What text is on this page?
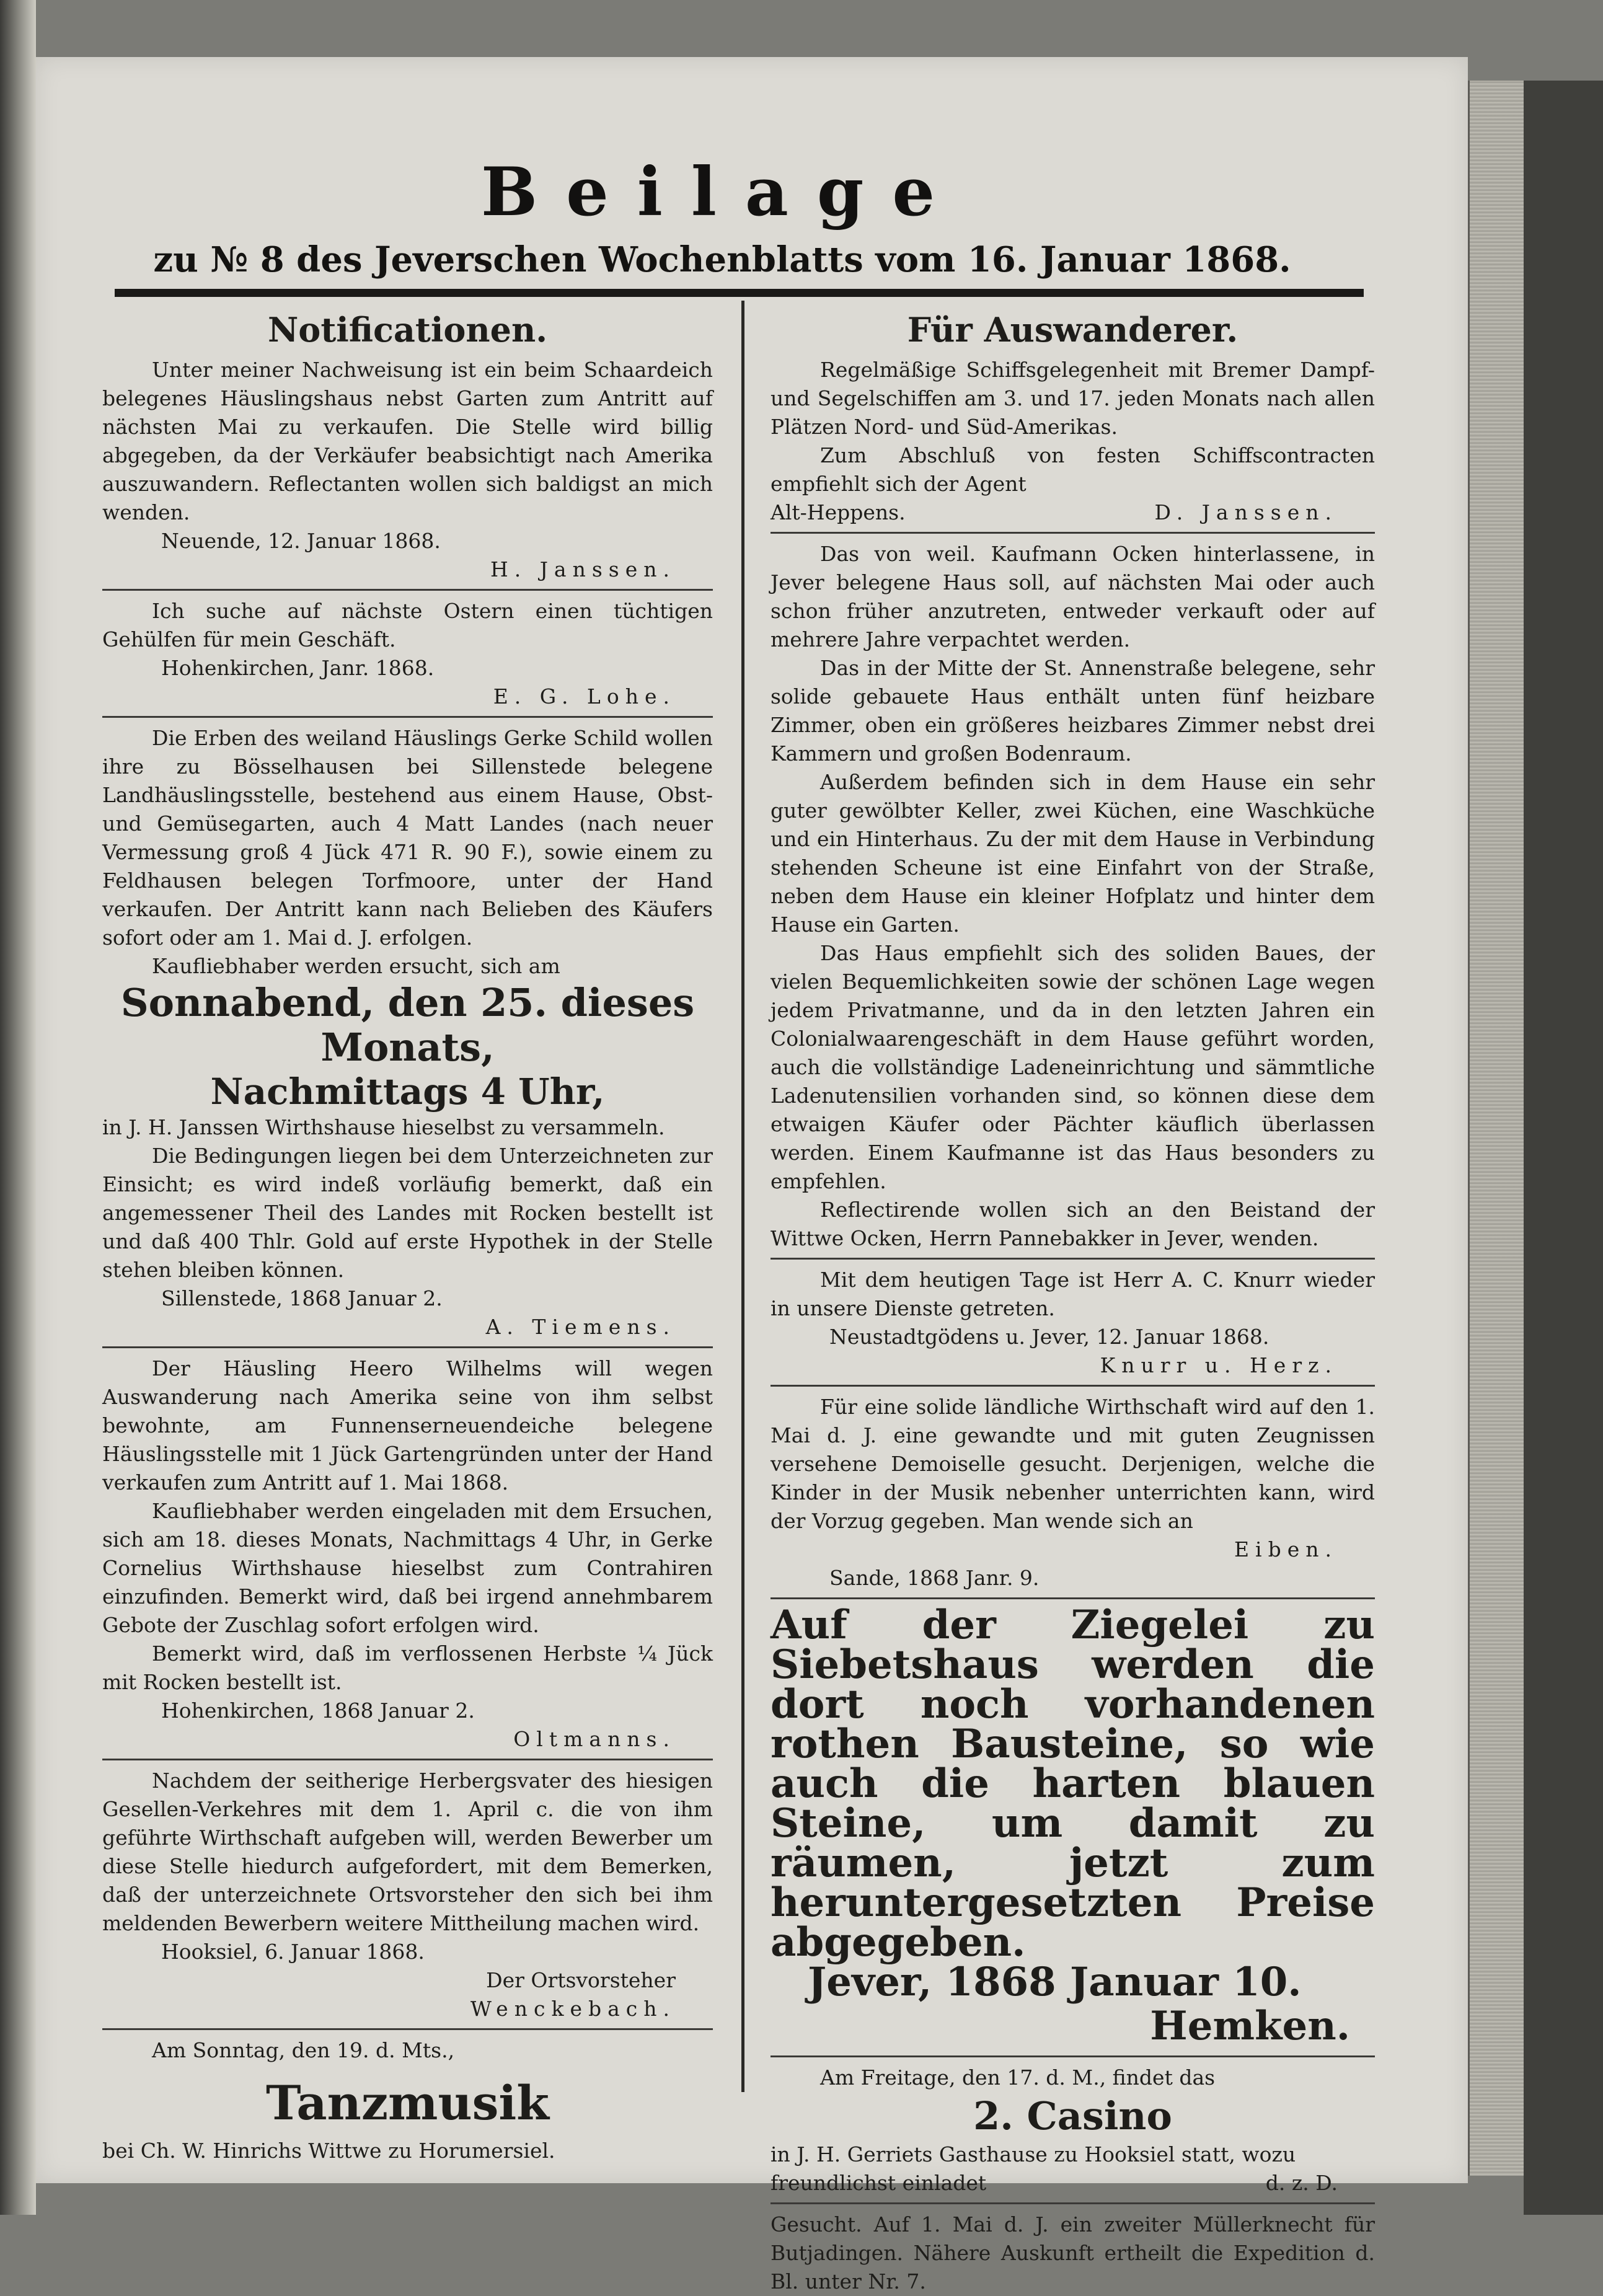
Beilage
zu № 8 des Jeverschen Wochenblatts vom 16. Januar 1868.
Notificationen.

Unter meiner Nachweisung ist ein beim Schaardeich belegenes Häuslingshaus nebst Garten zum Antritt auf nächsten Mai zu verkaufen. Die Stelle wird billig abgegeben, da der Verkäufer beabsichtigt nach Amerika auszuwandern. Reflectanten wollen sich baldigst an mich wenden.

Neuende, 12. Januar 1868.

H. Janssen.

Ich suche auf nächste Ostern einen tüchtigen Gehülfen für mein Geschäft.

Hohenkirchen, Janr. 1868.

E. G. Lohe.

Die Erben des weiland Häuslings Gerke Schild wollen ihre zu Bösselhausen bei Sillenstede belegene Landhäuslingsstelle, bestehend aus einem Hause, Obst- und Gemüsegarten, auch 4 Matt Landes (nach neuer Vermessung groß 4 Jück 471 R. 90 F.), sowie einem zu Feldhausen belegen Torfmoore, unter der Hand verkaufen. Der Antritt kann nach Belieben des Käufers sofort oder am 1. Mai d. J. erfolgen.

Kaufliebhaber werden ersucht, sich am

Sonnabend, den 25. dieses Monats,
Nachmittags 4 Uhr,

in J. H. Janssen Wirthshause hieselbst zu versammeln.

Die Bedingungen liegen bei dem Unterzeichneten zur Einsicht; es wird indeß vorläufig bemerkt, daß ein angemessener Theil des Landes mit Rocken bestellt ist und daß 400 Thlr. Gold auf erste Hypothek in der Stelle stehen bleiben können.

Sillenstede, 1868 Januar 2.

A. Tiemens.

Der Häusling Heero Wilhelms will wegen Auswanderung nach Amerika seine von ihm selbst bewohnte, am Funnenserneuendeiche belegene Häuslingsstelle mit 1 Jück Gartengründen unter der Hand verkaufen zum Antritt auf 1. Mai 1868.

Kaufliebhaber werden eingeladen mit dem Ersuchen, sich am 18. dieses Monats, Nachmittags 4 Uhr, in Gerke Cornelius Wirthshause hieselbst zum Contrahiren einzufinden. Bemerkt wird, daß bei irgend annehmbarem Gebote der Zuschlag sofort erfolgen wird.

Bemerkt wird, daß im verflossenen Herbste ¼ Jück mit Rocken bestellt ist.

Hohenkirchen, 1868 Januar 2.

Oltmanns.

Nachdem der seitherige Herbergsvater des hiesigen Gesellen-Verkehres mit dem 1. April c. die von ihm geführte Wirthschaft aufgeben will, werden Bewerber um diese Stelle hiedurch aufgefordert, mit dem Bemerken, daß der unterzeichnete Ortsvorsteher den sich bei ihm meldenden Bewerbern weitere Mittheilung machen wird.

Hooksiel, 6. Januar 1868.

Der Ortsvorsteher

Wenckebach.

Am Sonntag, den 19. d. Mts.,

Tanzmusik

bei Ch. W. Hinrichs Wittwe zu Horumersiel.

Für Auswanderer.

Regelmäßige Schiffsgelegenheit mit Bremer Dampf- und Segelschiffen am 3. und 17. jeden Monats nach allen Plätzen Nord- und Süd-Amerikas.

Zum Abschluß von festen Schiffscontracten empfiehlt sich der Agent

Alt-Heppens.	D. Janssen.

Das von weil. Kaufmann Ocken hinterlassene, in Jever belegene Haus soll, auf nächsten Mai oder auch schon früher anzutreten, entweder verkauft oder auf mehrere Jahre verpachtet werden.

Das in der Mitte der St. Annenstraße belegene, sehr solide gebauete Haus enthält unten fünf heizbare Zimmer, oben ein größeres heizbares Zimmer nebst drei Kammern und großen Bodenraum.

Außerdem befinden sich in dem Hause ein sehr guter gewölbter Keller, zwei Küchen, eine Waschküche und ein Hinterhaus. Zu der mit dem Hause in Verbindung stehenden Scheune ist eine Einfahrt von der Straße, neben dem Hause ein kleiner Hofplatz und hinter dem Hause ein Garten.

Das Haus empfiehlt sich des soliden Baues, der vielen Bequemlichkeiten sowie der schönen Lage wegen jedem Privatmanne, und da in den letzten Jahren ein Colonialwaarengeschäft in dem Hause geführt worden, auch die vollständige Ladeneinrichtung und sämmtliche Ladenutensilien vorhanden sind, so können diese dem etwaigen Käufer oder Pächter käuflich überlassen werden. Einem Kaufmanne ist das Haus besonders zu empfehlen.

Reflectirende wollen sich an den Beistand der Wittwe Ocken, Herrn Pannebakker in Jever, wenden.

Mit dem heutigen Tage ist Herr A. C. Knurr wieder in unsere Dienste getreten.

Neustadtgödens u. Jever, 12. Januar 1868.

Knurr u. Herz.

Für eine solide ländliche Wirthschaft wird auf den 1. Mai d. J. eine gewandte und mit guten Zeugnissen versehene Demoiselle gesucht. Derjenigen, welche die Kinder in der Musik nebenher unterrichten kann, wird der Vorzug gegeben. Man wende sich an

Eiben.

Sande, 1868 Janr. 9.

Auf der Ziegelei zu Siebetshaus werden die dort noch vorhandenen rothen Bausteine, so wie auch die harten blauen Steine, um damit zu räumen, jetzt zum heruntergesetzten Preise abgegeben.

Jever, 1868 Januar 10.

Hemken.

Am Freitage, den 17. d. M., findet das

2. Casino

in J. H. Gerriets Gasthause zu Hooksiel statt, wozu

freundlichst einladet	d. z. D.

Gesucht. Auf 1. Mai d. J. ein zweiter Müllerknecht für Butjadingen. Nähere Auskunft ertheilt die Expedition d. Bl. unter Nr. 7.
